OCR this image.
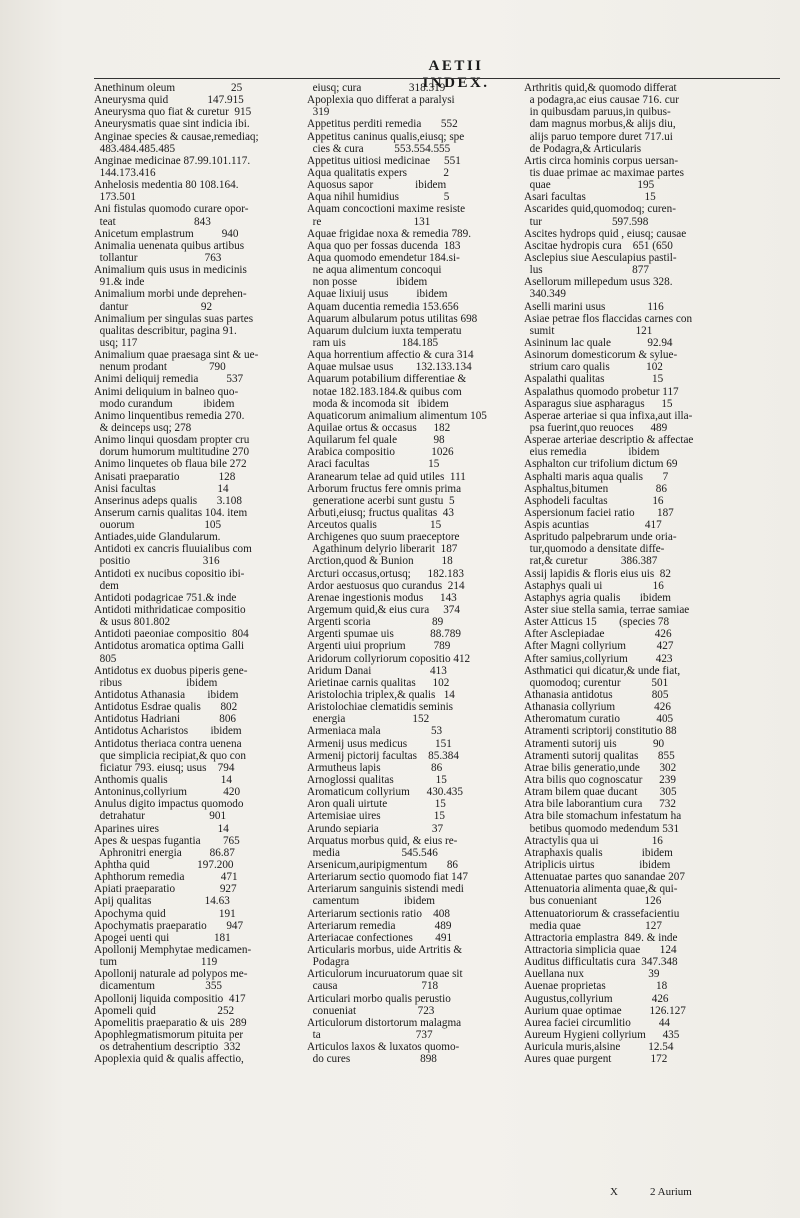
AETII INDEX.
Anethinum oleum                    25
Aneurysma quid              147.915
Aneurysma quo fiat & curetur  915
Aneurysmatis quae sint indicia ibi.
Anginae species & causae,remediaq;
483.484.485.485
Anginae medicinae 87.99.101.117.
144.173.416
Anhelosis medentia 80 108.164.
173.501
Ani fistulas quomodo curare opor-
teat                            843
Anicetum emplastrum          940
Animalia uenenata quibus artibus
tollantur                        763
Animalium quis usus in medicinis
91.& inde
Animalium morbi unde deprehen-
dantur                          92
Animalium per singulas suas partes
qualitas describitur, pagina 91.
usq; 117
Animalium quae praesaga sint & ue-
nenum prodant               790
Animi deliquij remedia          537
Animi deliquium in balneo quo-
modo curandum           ibidem
Animo linquentibus remedia 270.
& deinceps usq; 278
Animo linqui quosdam propter cru
dorum humorum multitudine 270
Animo linquetes ob flaua bile 272
Anisati praeparatio              128
Anisi facultas                      14
Anserinus adeps qualis       3.108
Anserum carnis qualitas 104. item
ouorum                         105
Antiades,uide Glandularum.
Antidoti ex cancris fluuialibus com
positio                          316
Antidoti ex nucibus copositio ibi-
dem
Antidoti podagricae 751.& inde
Antidoti mithridaticae compositio
& usus 801.802
Antidoti paeoniae compositio  804
Antidotus aromatica optima Galli
805
Antidotus ex duobus piperis gene-
ribus                       ibidem
Antidotus Athanasia        ibidem
Antidotus Esdrae qualis       802
Antidotus Hadriani              806
Antidotus Acharistos        ibidem
Antidotus theriaca contra uenena
que simplicia recipiat,& quo con
ficiatur 793. eiusq; usus    794
Anthomis qualis                   14
Antoninus,collyrium             420
Anulus digito impactus quomodo
detrahatur                       901
Aparines uires                     14
Apes & uespas fugantia        765
Aphronitri energia          86.87
Aphtha quid                 197.200
Aphthorum remedia             471
Apiati praeparatio                927
Apij qualitas                   14.63
Apochyma quid                   191
Apochymatis praeparatio       947
Apogei uenti qui                181
Apollonij Memphytae medicamen-
tum                              119
Apollonij naturale ad polypos me-
dicamentum                  355
Apollonij liquida compositio  417
Apomeli quid                      252
Apomelitis praeparatio & uis  289
Apophlegmatismorum pituita per
os detrahentium descriptio  332
Apoplexia quid & qualis affectio,
eiusq; cura                 318.319
Apoplexia quo differat a paralysi
319
Appetitus perditi remedia       552
Appetitus caninus qualis,eiusq; spe
cies & cura           553.554.555
Appetitus uitiosi medicinae     551
Aqua qualitatis expers             2
Aquosus sapor               ibidem
Aqua nihil humidius                5
Aquam concoctioni maxime resiste
re                                 131
Aquae frigidae noxa & remedia 789.
Aqua quo per fossas ducenda  183
Aqua quomodo emendetur 184.si-
ne aqua alimentum concoqui
non posse              ibidem
Aquae lixiuij usus          ibidem
Aquam ducentia remedia 153.656
Aquarum albularum potus utilitas 698
Aquarum dulcium iuxta temperatu
ram uis                    184.185
Aqua horrentium affectio & cura 314
Aquae mulsae usus        132.133.134
Aquarum potabilium differentiae &
notae 182.183.184.& quibus com
moda & incomoda sit   ibidem
Aquaticorum animalium alimentum 105
Aquilae ortus & occasus      182
Aquilarum fel quale             98
Arabica compositio             1026
Araci facultas                     15
Aranearum telae ad quid utiles  111
Arborum fructus fere omnis prima
generatione acerbi sunt gustu  5
Arbuti,eiusq; fructus qualitas  43
Arceutos qualis                   15
Archigenes quo suum praeceptore
Agathinum delyrio liberarit  187
Arction,quod & Bunion          18
Arcturi occasus,ortusq;      182.183
Ardor aestuosus quo curandus  214
Arenae ingestionis modus      143
Argemum quid,& eius cura     374
Argenti scoria                      89
Argenti spumae uis             88.789
Argenti uiui proprium          789
Aridorum collyriorum copositio 412
Aridum Danai                     413
Arietinae carnis qualitas      102
Aristolochia triplex,& qualis   14
Aristolochiae clematidis seminis
energia                        152
Armeniaca mala                  53
Armenij usus medicus          151
Armenij pictorij facultas    85.384
Armutheus lapis                  86
Arnoglossi qualitas               15
Aromaticum collyrium      430.435
Aron quali uirtute                 15
Artemisiae uires                   15
Arundo sepiaria                   37
Arquatus morbus quid, & eius re-
media                      545.546
Arsenicum,auripigmentum       86
Arteriarum sectio quomodo fiat 147
Arteriarum sanguinis sistendi medi
camentum                ibidem
Arteriarum sectionis ratio    408
Arteriarum remedia              489
Arteriacae confectiones        491
Articularis morbus, uide Artritis &
Podagra
Articulorum incuruatorum quae sit
causa                              718
Articulari morbo qualis perustio
conueniat                      723
Articulorum distortorum malagma
ta                                  737
Articulos laxos & luxatos quomo-
do cures                         898
Arthritis quid,& quomodo differat
a podagra,ac eius causae 716. cur
in quibusdam paruus,in quibus-
dam magnus morbus,& alijs diu,
alijs paruo tempore duret 717.ui
de Podagra,& Articularis
Artis circa hominis corpus uersan-
tis duae primae ac maximae partes
quae                               195
Asari facultas                     15
Ascarides quid,quomodoq; curen-
tur                         597.598
Ascites hydrops quid , eiusq; causae
Ascitae hydropis cura    651 (650
Asclepius siue Aesculapius pastil-
lus                                877
Asellorum millepedum usus 328.
340.349
Aselli marini usus               116
Asiae petrae flos flaccidas carnes con
sumit                             121
Asininum lac quale             92.94
Asinorum domesticorum & sylue-
strium caro qualis             102
Aspalathi qualitas                 15
Aspalathus quomodo probetur 117
Asparagus siue aspharagus      15
Asperae arteriae si qua infixa,aut illa-
psa fuerint,quo reuoces      489
Asperae arteriae descriptio & affectae
eius remedia               ibidem
Asphalton cur trifolium dictum 69
Asphalti maris aqua qualis       7
Asphaltus,bitumen                 86
Asphodeli facultas                16
Aspersionum faciei ratio        187
Aspis acuntias                    417
Aspritudo palpebrarum unde oria-
tur,quomodo a densitate diffe-
rat,& curetur            386.387
Assij lapidis & floris eius uis  82
Astaphys quali ui                  16
Astaphys agria qualis       ibidem
Aster siue stella samia, terrae samiae
Aster Atticus 15        (species 78
After Asclepiadae                  426
After Magni collyrium           427
After samius,collyrium          423
Asthmatici qui dicatur,& unde fiat,
quomodoq; curentur           501
Athanasia antidotus              805
Athanasia collyrium              426
Atheromatum curatio             405
Atramenti scriptorij constitutio 88
Atramenti sutorij uis             90
Atramenti sutorij qualitas       855
Atrae bilis generatio,unde       302
Atra bilis quo cognoscatur      239
Atram bilem quae ducant        305
Atra bile laborantium cura      732
Atra bile stomachum infestatum ha
betibus quomodo medendum 531
Atractylis qua ui                   16
Atraphaxis qualis              ibidem
Atriplicis uirtus                ibidem
Attenuatae partes quo sanandae 207
Attenuatoria alimenta quae,& qui-
bus conueniant                 126
Attenuatoriorum & crassefacientiu
media quae                       127
Attractoria emplastra  849. & inde
Attractoria simplicia quae       124
Auditus difficultatis cura  347.348
Auellana nux                       39
Auenae proprietas                  18
Augustus,collyrium              426
Aurium quae optimae          126.127
Aurea faciei circumlitio          44
Aureum Hygieni collyrium      435
Auricula muris,alsine          12.54
Aures quae purgent              172
X	2 Aurium
